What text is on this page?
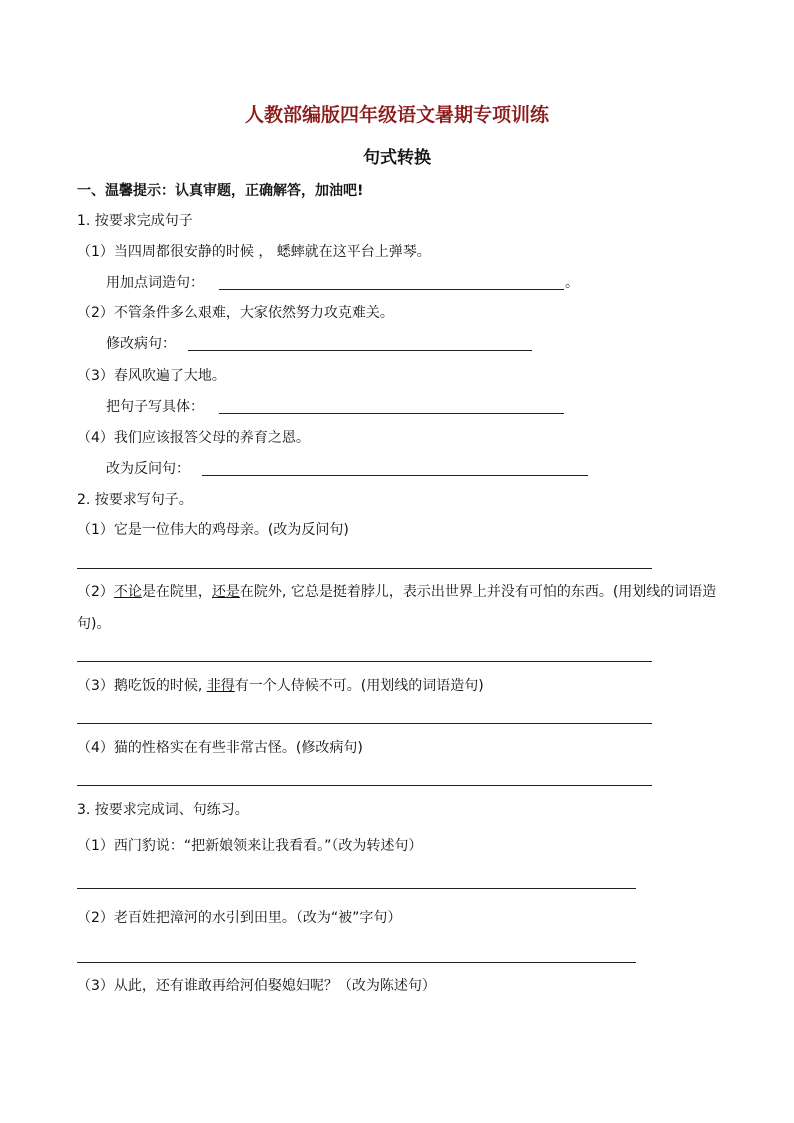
人教部编版四年级语文暑期专项训练
句式转换
一、温馨提示：认真审题，正确解答，加油吧!
1. 按要求完成句子
（1）当四周都很安静的时候 ， 蟋蟀就在这平台上弹琴。
用加点词造句：	。
（2）不管条件多么艰难，大家依然努力攻克难关。
修改病句：
（3）春风吹遍了大地。
把句子写具体：
（4）我们应该报答父母的养育之恩。
改为反问句：
2. 按要求写句子。
（1）它是一位伟大的鸡母亲。(改为反问句)
（2）不论是在院里，还是在院外, 它总是挺着脖儿，表示出世界上并没有可怕的东西。(用划线的词语造句)。
（3）鹅吃饭的时候, 非得有一个人侍候不可。(用划线的词语造句)
（4）猫的性格实在有些非常古怪。(修改病句)
3. 按要求完成词、句练习。
（1）西门豹说：“把新娘领来让我看看。”（改为转述句）
（2）老百姓把漳河的水引到田里。（改为“被”字句）
（3）从此，还有谁敢再给河伯娶媳妇呢？（改为陈述句）
